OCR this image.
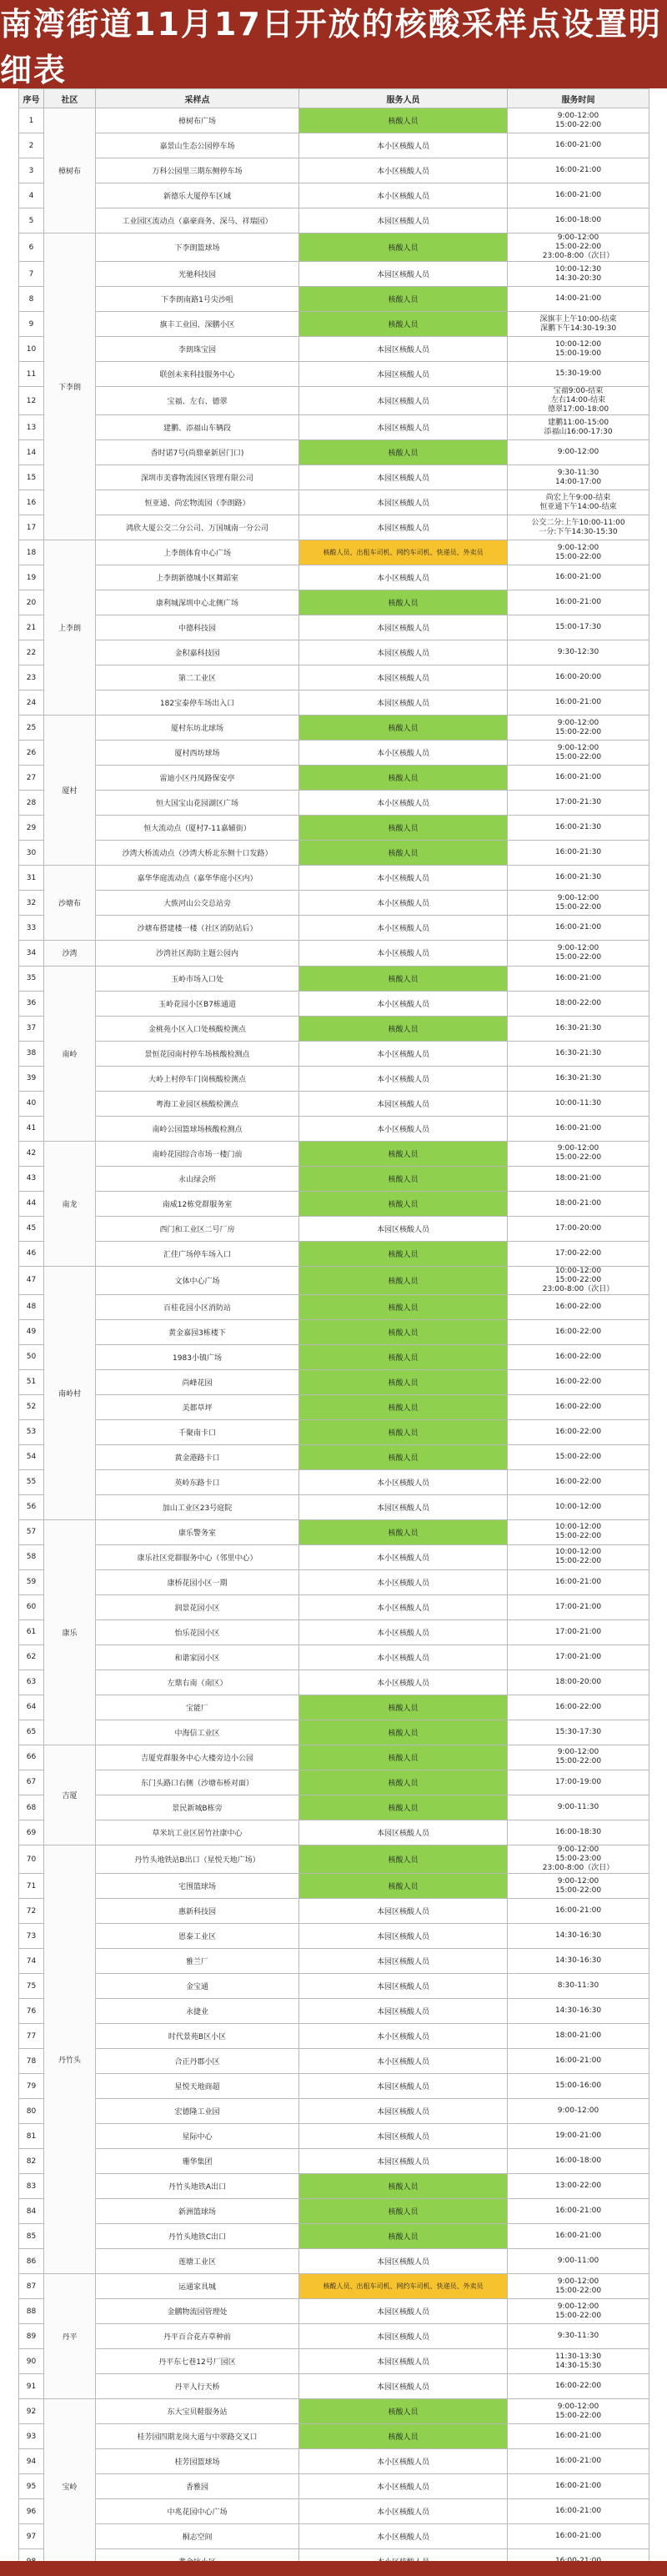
南湾街道11月17日开放的核酸采样点设置明细表
序号	社区	采样点	服务人员	服务时间
1	樟树布	樟树布广场	核酸人员	9:00-12:00
15:00-22:00
2		嘉景山生态公园停车场	本小区核酸人员	16:00-21:00
3		万科公园里三期东侧停车场	本小区核酸人员	16:00-21:00
4		新德乐大厦停车区域	本小区核酸人员	16:00-21:00
5		工业园区流动点（嘉豪商务、深马、祥瑞园）	本园区核酸人员	16:00-18:00
6	下李朗	下李朗篮球场	核酸人员	9:00-12:00
15:00-22:00
23:00-8:00（次日）
7		光驰科技园	本园区核酸人员	10:00-12:30
14:30-20:30
8		下李朗南路1号尖沙咀	核酸人员	14:00-21:00
9		旗丰工业园、深鹏小区	核酸人员	深旗丰上午10:00-结束
深鹏下午14:30-19:30
10		李朗珠宝园	本园区核酸人员	10:00-12:00
15:00-19:00
11		联创未来科技服务中心	本园区核酸人员	15:30-19:00
12		宝福、左右、德翠	本园区核酸人员	宝福9:00-结束
左右14:00-结束
德翠17:00-18:00
13		建鹏、添福山车辆段	本园区核酸人员	建鹏11:00-15:00
添福山16:00-17:30
14		香时诺7号(尚鼎豪新居门口)	核酸人员	9:00-12:00
15		深圳市美睿物流园区管理有限公司	本园区核酸人员	9:30-11:30
14:00-17:00
16		恒亚通、尚宏物流园（李朗路）	本园区核酸人员	尚宏上午9:00-结束
恒亚通下午14:00-结束
17		鸿欣大厦公交二分公司、万国城南一分公司	本园区核酸人员	公交二分:上午10:00-11:00
一分:下午14:30-15:30
18	上李朗	上李朗体育中心广场	核酸人员、出租车司机、网约车司机、快递员、外卖员	9:00-12:00
15:00-22:00
19		上李朗新德城小区舞蹈室	本小区核酸人员	16:00-21:00
20		康利城深圳中心北侧广场	核酸人员	16:00-21:00
21		中德科技园	本园区核酸人员	15:00-17:30
22		金积嘉科技园	本园区核酸人员	9:30-12:30
23		第二工业区	本园区核酸人员	16:00-20:00
24		182宝泰停车场出入口	本园区核酸人员	16:00-21:00
25	厦村	厦村东坊北球场	核酸人员	9:00-12:00
15:00-22:00
26		厦村西坊球场	本小区核酸人员	9:00-12:00
15:00-22:00
27		雷迪小区丹凤路保安亭	核酸人员	16:00-21:00
28		恒大国宝山花园湖区广场	本小区核酸人员	17:00-21:30
29		恒大流动点（厦村7-11嘉辅街）	核酸人员	16:00-21:30
30		沙湾大桥流动点（沙湾大桥北东侧十口发路）	核酸人员	16:00-21:30
31	沙塘布	嘉华华庭流动点（嘉华华庭小区内）	本小区核酸人员	16:00-21:30
32		大族河山公交总站旁	本小区核酸人员	9:00-12:00
15:00-22:00
33		沙塘布搭建楼一楼（社区消防站后）	本小区核酸人员	16:00-21:00
34	沙湾	沙湾社区海防主题公园内	本小区核酸人员	9:00-12:00
15:00-22:00
35	南岭	玉岭市场入口处	核酸人员	16:00-21:00
36		玉岭花园小区B7栋通道	本小区核酸人员	18:00-22:00
37		金桃苑小区入口处核酸检测点	核酸人员	16:30-21:30
38		景恒花园南村停车场核酸检测点	本小区核酸人员	16:30-21:30
39		大岭上村停车门岗核酸检测点	本小区核酸人员	16:30-21:30
40		粤海工业园区核酸检测点	本园区核酸人员	10:00-11:30
41		南岭公园篮球场核酸检测点	本小区核酸人员	16:00-21:00
42	南龙	南岭花园综合市场一楼门前	核酸人员	9:00-12:00
15:00-22:00
43		永山绿会所	核酸人员	18:00-21:00
44		南威12栋党群服务室	核酸人员	18:00-21:00
45		西门和工业区二号厂房	本园区核酸人员	17:00-20:00
46		汇佳广场停车场入口	核酸人员	17:00-22:00
47	南岭村	文体中心广场	核酸人员	10:00-12:00
15:00-22:00
23:00-8:00（次日）
48		百桂花园小区消防站	核酸人员	16:00-22:00
49		黄金嘉园3栋楼下	核酸人员	16:00-22:00
50		1983小镇广场	核酸人员	16:00-22:00
51		尚峰花园	核酸人员	16:00-22:00
52		美都草坪	核酸人员	16:00-22:00
53		千聚南卡口	核酸人员	16:00-22:00
54		黄金港路卡口	核酸人员	15:00-22:00
55		英岭东路卡口	本小区核酸人员	16:00-22:00
56		加山工业区23号庭院	本园区核酸人员	10:00-12:00
57	康乐	康乐警务室	核酸人员	10:00-12:00
15:00-22:00
58		康乐社区党群服务中心（邻里中心）	本小区核酸人员	10:00-12:00
15:00-22:00
59		康桥花园小区一期	本小区核酸人员	16:00-21:00
60		润景花园小区	本小区核酸人员	17:00-21:00
61		怡乐花园小区	本小区核酸人员	17:00-21:00
62		和谐家园小区	本小区核酸人员	17:00-21:00
63		左鼎右南（南区）	本小区核酸人员	18:00-20:00
64		宝能厂	核酸人员	16:00-22:00
65		中海信工业区	核酸人员	15:30-17:30
66	吉厦	吉厦党群服务中心大楼旁边小公园	核酸人员	9:00-12:00
15:00-22:00
67		东门头路口右侧（沙塘布桥对面）	核酸人员	17:00-19:00
68		景民新城B栋旁	核酸人员	9:00-11:30
69		草米坑工业区居竹社康中心	本园区核酸人员	16:00-18:30
70	丹竹头	丹竹头地铁站B出口（星悦天地广场）	核酸人员	9:00-12:00
15:00-23:00
23:00-8:00（次日）
71		宅围篮球场	核酸人员	9:00-12:00
15:00-22:00
72		惠新科技园	本园区核酸人员	16:00-21:00
73		恩泰工业区	本园区核酸人员	14:30-16:30
74		雅兰厂	本园区核酸人员	14:30-16:30
75		金宝通	本园区核酸人员	8:30-11:30
76		永捷业	本园区核酸人员	14:30-16:30
77		时代景苑B区小区	本小区核酸人员	18:00-21:00
78		合正丹郡小区	本小区核酸人员	16:00-21:00
79		星悦天地商超	本园区核酸人员	15:00-16:00
80		宏德隆工业园	本园区核酸人员	9:00-12:00
81		星际中心	本园区核酸人员	19:00-21:00
82		珊华集团	本园区核酸人员	16:00-18:00
83		丹竹头地铁A出口	核酸人员	13:00-22:00
84		新洲篮球场	核酸人员	16:00-21:00
85		丹竹头地铁C出口	核酸人员	16:00-21:00
86		莲塘工业区	本园区核酸人员	9:00-11:00
87	丹平	运通家具城	核酸人员、出租车司机、网约车司机、快递员、外卖员	9:00-12:00
15:00-22:00
88		金鹏物流园管理处	本园区核酸人员	9:00-12:00
15:00-22:00
89		丹平百合花卉草种前	本园区核酸人员	9:30-11:30
90		丹平东七巷12号厂园区	本园区核酸人员	11:30-13:30
14:30-15:30
91		丹平人行天桥	本园区核酸人员	16:00-22:00
92	宝岭	东大宝贝鞋服务站	核酸人员	9:00-12:00
15:00-22:00
93		桂芳园四期龙岗大道与中翠路交叉口	核酸人员	16:00-21:00
94		桂芳园篮球场	本小区核酸人员	16:00-21:00
95		香雅园	本小区核酸人员	16:00-21:00
96		中兆花园中心广场	本小区核酸人员	16:00-21:00
97		桐志空间	本小区核酸人员	16:00-21:00
